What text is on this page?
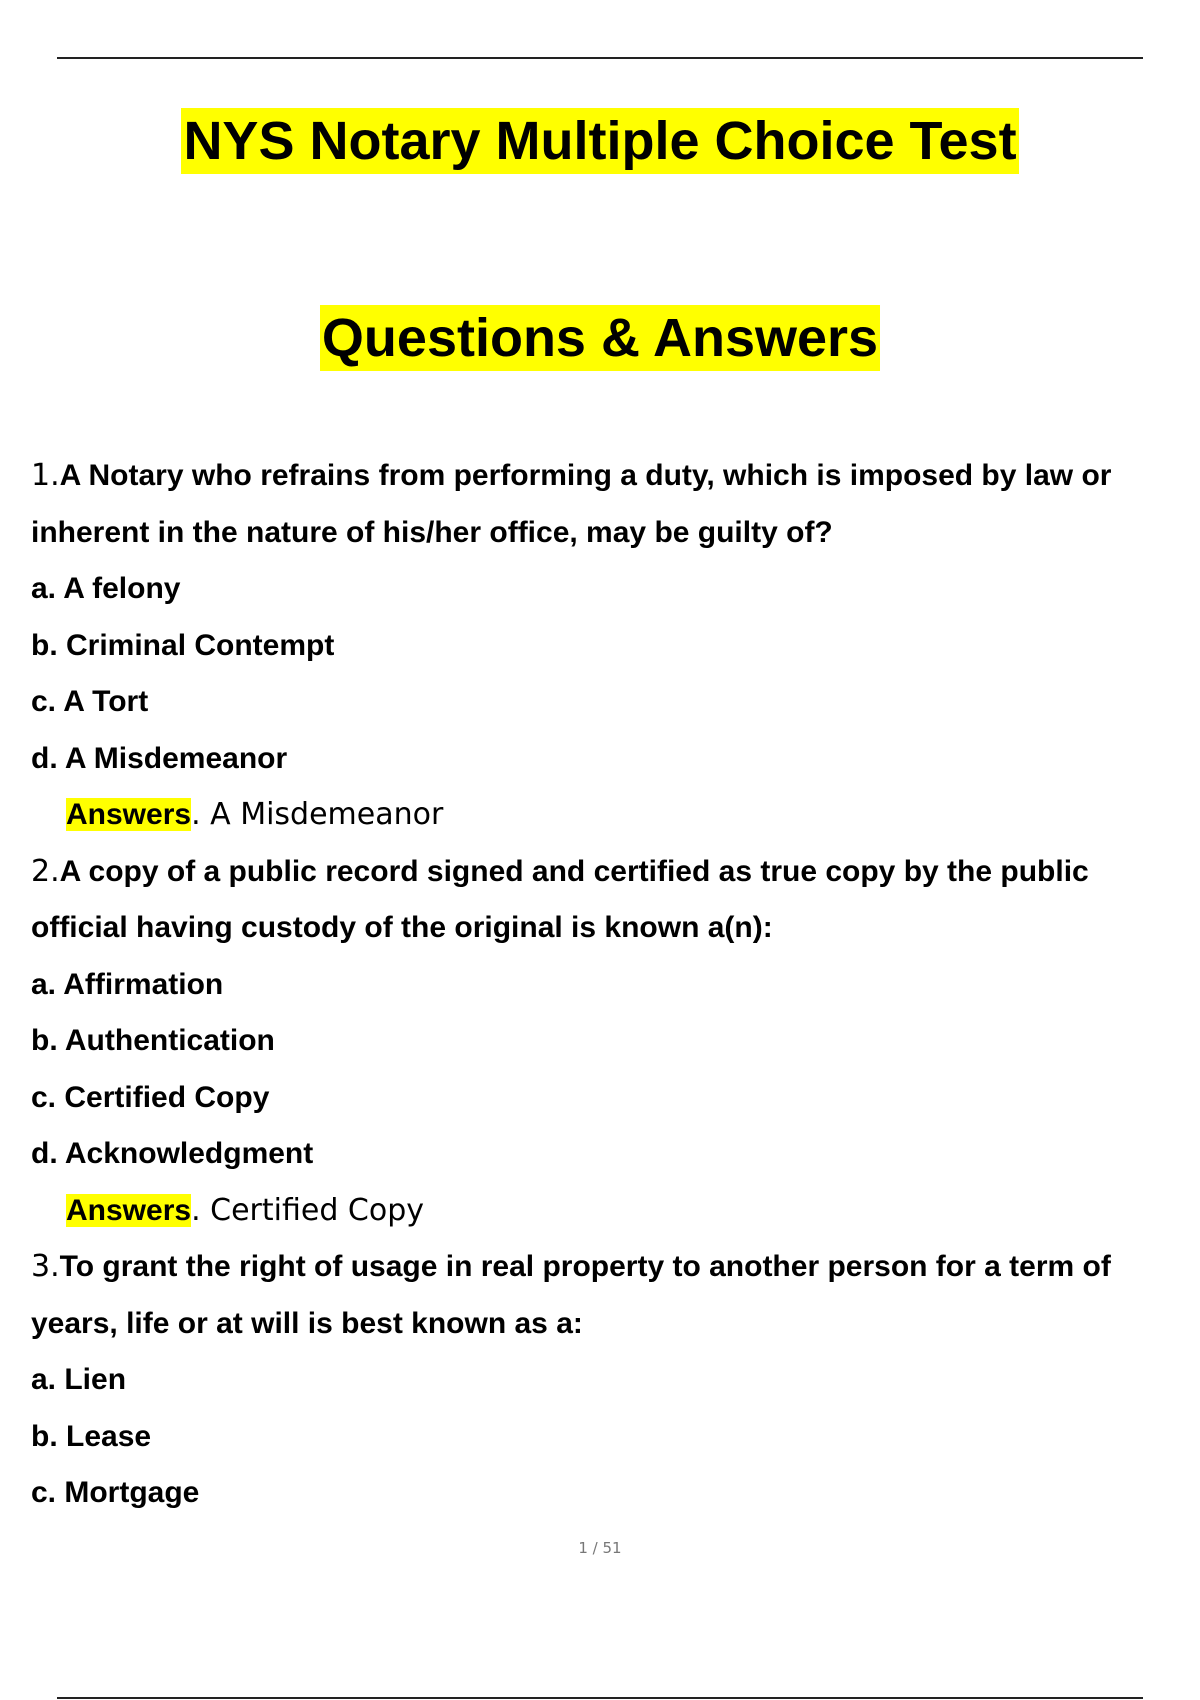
NYS Notary Multiple Choice Test
Questions & Answers
1.A Notary who refrains from performing a duty, which is imposed by law or inherent in the nature of his/her office, may be guilty of?
a. A felony
b. Criminal Contempt
c. A Tort
d. A Misdemeanor
Answers. A Misdemeanor
2.A copy of a public record signed and certified as true copy by the public official having custody of the original is known a(n):
a. Affirmation
b. Authentication
c. Certified Copy
d. Acknowledgment
Answers. Certified Copy
3.To grant the right of usage in real property to another person for a term of years, life or at will is best known as a:
a. Lien
b. Lease
c. Mortgage
1 / 51
